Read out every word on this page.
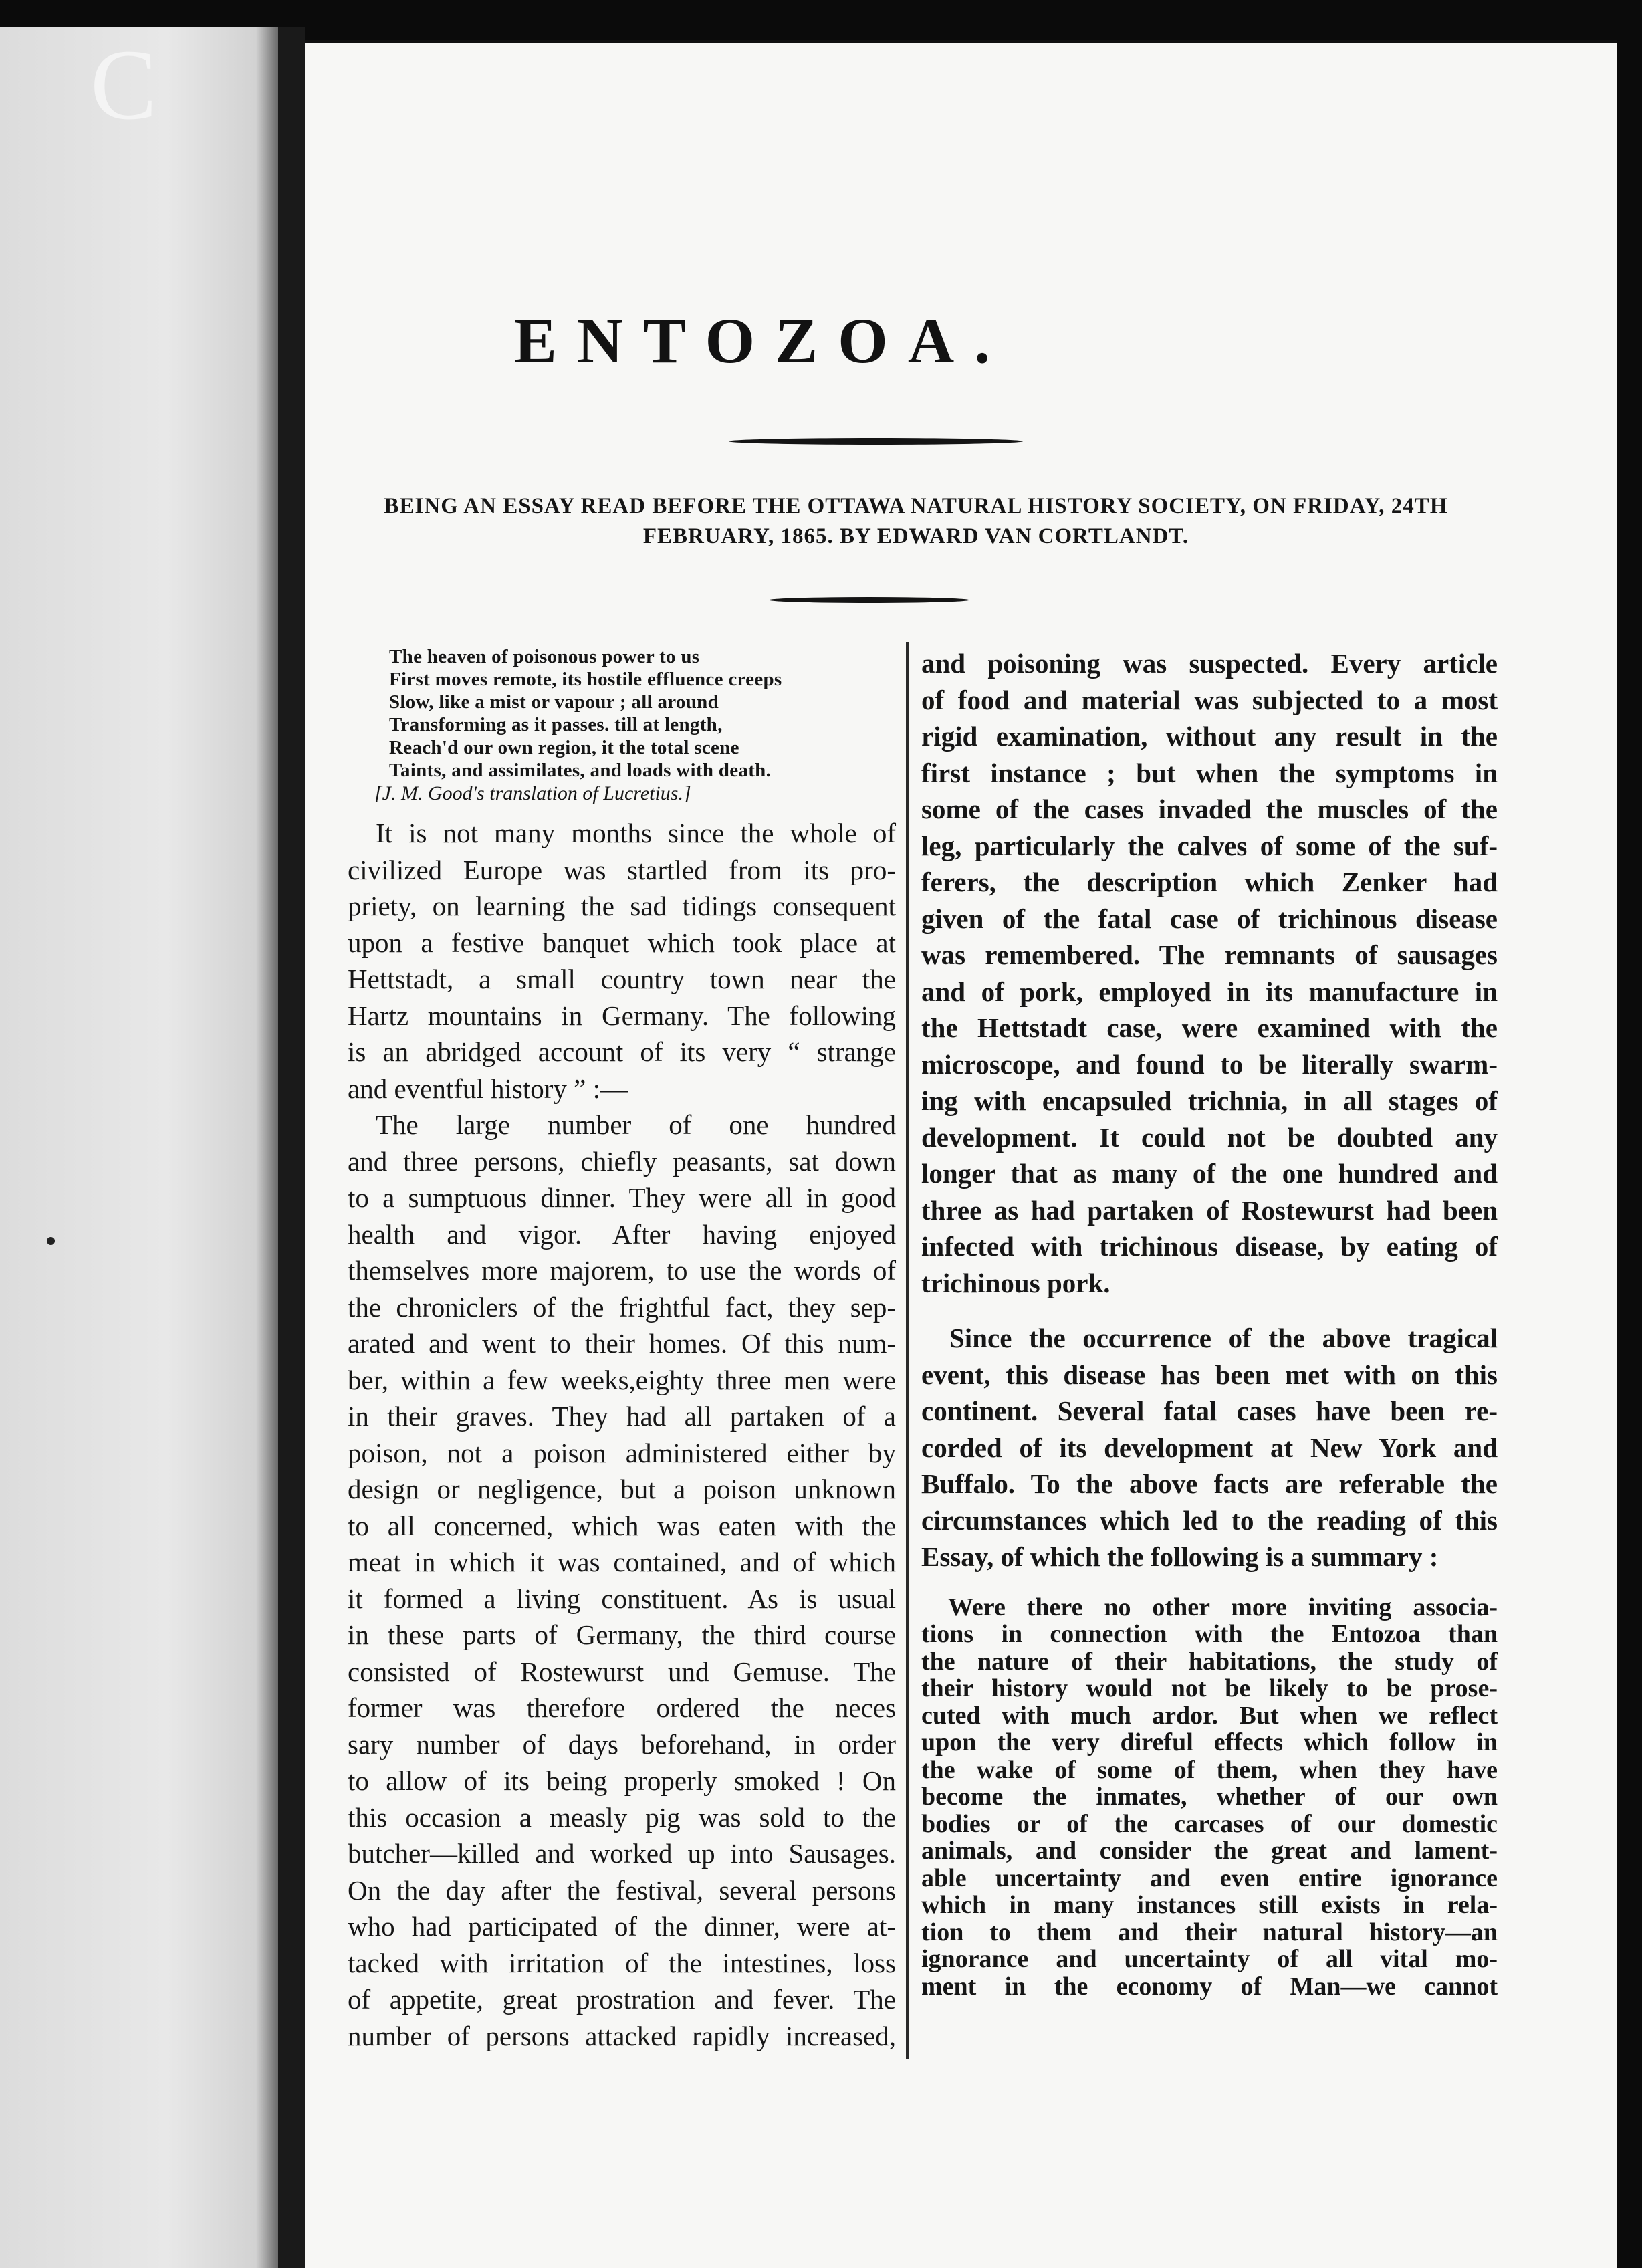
C
ENTOZOA.
BEING AN ESSAY READ BEFORE THE OTTAWA NATURAL HISTORY SOCIETY, ON FRIDAY, 24TH
FEBRUARY, 1865. BY EDWARD VAN CORTLANDT.
The heaven of poisonous power to us
First moves remote, its hostile effluence creeps
Slow, like a mist or vapour ; all around
Transforming as it passes. till at length,
Reach'd our own region, it the total scene
Taints, and assimilates, and loads with death.
[J. M. Good's translation of Lucretius.]
It is not many months since the whole of
civilized Europe was startled from its pro-
priety, on learning the sad tidings consequent
upon a festive banquet which took place at
Hettstadt, a small country town near the
Hartz mountains in Germany. The following
is an abridged account of its very “ strange
and eventful history ” :—
The large number of one hundred
and three persons, chiefly peasants, sat down
to a sumptuous dinner. They were all in good
health and vigor. After having enjoyed
themselves more majorem, to use the words of
the chroniclers of the frightful fact, they sep-
arated and went to their homes. Of this num-
ber, within a few weeks,eighty three men were
in their graves. They had all partaken of a
poison, not a poison administered either by
design or negligence, but a poison unknown
to all concerned, which was eaten with the
meat in which it was contained, and of which
it formed a living constituent. As is usual
in these parts of Germany, the third course
consisted of Rostewurst und Gemuse. The
former was therefore ordered the neces
sary number of days beforehand, in order
to allow of its being properly smoked ! On
this occasion a measly pig was sold to the
butcher—killed and worked up into Sausages.
On the day after the festival, several persons
who had participated of the dinner, were at-
tacked with irritation of the intestines, loss
of appetite, great prostration and fever. The
number of persons attacked rapidly increased,
and poisoning was suspected. Every article
of food and material was subjected to a most
rigid examination, without any result in the
first instance ; but when the symptoms in
some of the cases invaded the muscles of the
leg, particularly the calves of some of the suf-
ferers, the description which Zenker had
given of the fatal case of trichinous disease
was remembered. The remnants of sausages
and of pork, employed in its manufacture in
the Hettstadt case, were examined with the
microscope, and found to be literally swarm-
ing with encapsuled trichnia, in all stages of
development. It could not be doubted any
longer that as many of the one hundred and
three as had partaken of Rostewurst had been
infected with trichinous disease, by eating of
trichinous pork.
Since the occurrence of the above tragical
event, this disease has been met with on this
continent. Several fatal cases have been re-
corded of its development at New York and
Buffalo. To the above facts are referable the
circumstances which led to the reading of this
Essay, of which the following is a summary :
Were there no other more inviting associa-
tions in connection with the Entozoa than
the nature of their habitations, the study of
their history would not be likely to be prose-
cuted with much ardor. But when we reflect
upon the very direful effects which follow in
the wake of some of them, when they have
become the inmates, whether of our own
bodies or of the carcases of our domestic
animals, and consider the great and lament-
able uncertainty and even entire ignorance
which in many instances still exists in rela-
tion to them and their natural history—an
ignorance and uncertainty of all vital mo-
ment in the economy of Man—we cannot
